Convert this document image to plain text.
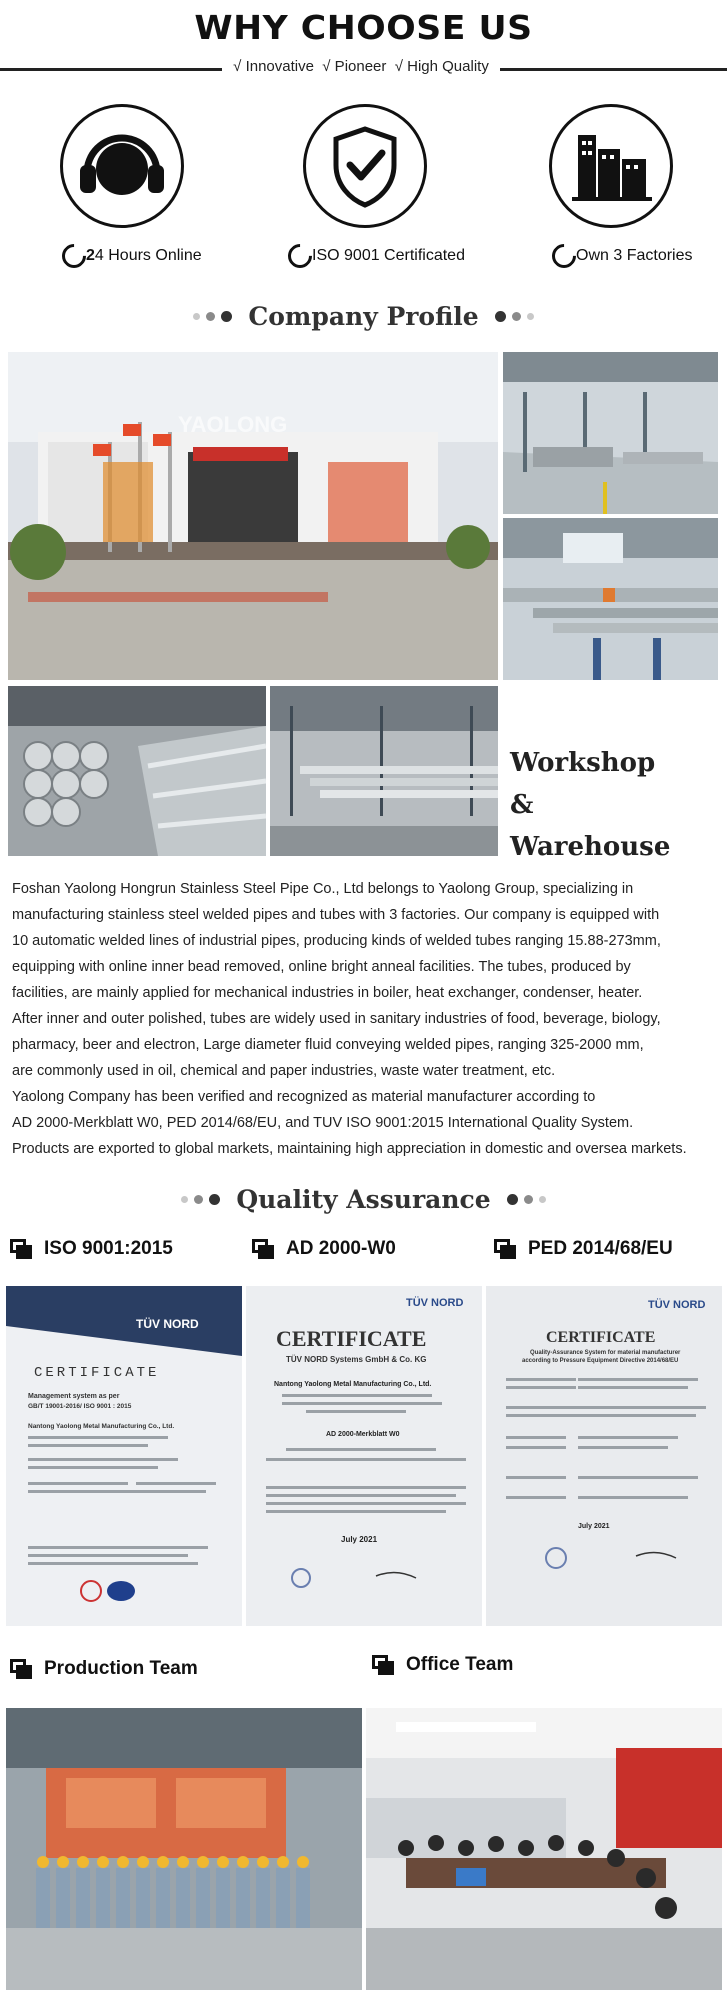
WHY CHOOSE US
√ Innovative  √ Pioneer  √ High Quality
2 4 Hours Online	I SO 9001 Certificated	O wn 3 Factories
Company Profile
YAOLONG
Workshop
&
Warehouse

Foshan Yaolong Hongrun Stainless Steel Pipe Co., Ltd belongs to Yaolong Group, specializing in

manufacturing stainless steel welded pipes and tubes with 3 factories. Our company is equipped with

10 automatic welded lines of industrial pipes, producing kinds of welded tubes ranging 15.88-273mm,

equipping with online inner bead removed, online bright anneal facilities. The tubes, produced by

facilities, are mainly applied for mechanical industries in boiler, heat exchanger, condenser, heater.

After inner and outer polished, tubes are widely used in sanitary industries of food, beverage, biology,

pharmacy, beer and electron, Large diameter fluid conveying welded pipes, ranging 325-2000 mm,

are commonly used in oil, chemical and paper industries, waste water treatment, etc.

Yaolong Company has been verified and recognized as material manufacturer according to

AD 2000-Merkblatt W0, PED 2014/68/EU, and TUV ISO 9001:2015 International Quality System.

Products are exported to global markets, maintaining high appreciation in domestic and oversea markets.

Quality Assurance
ISO 9001:2015	AD 2000-W0	PED 2014/68/EU
TÜV NORD
CERTIFICATE
Management system as per
GB/T 19001-2016/ ISO 9001 : 2015
Nantong Yaolong Metal Manufacturing Co., Ltd.
TÜV NORD
CERTIFICATE
TÜV NORD Systems GmbH & Co. KG
Nantong Yaolong Metal Manufacturing Co., Ltd.
AD 2000-Merkblatt W0
July 2021
TÜV NORD
CERTIFICATE
Quality-Assurance System for material manufacturer
according to Pressure Equipment Directive 2014/68/EU
July 2021
Production Team	Office Team
